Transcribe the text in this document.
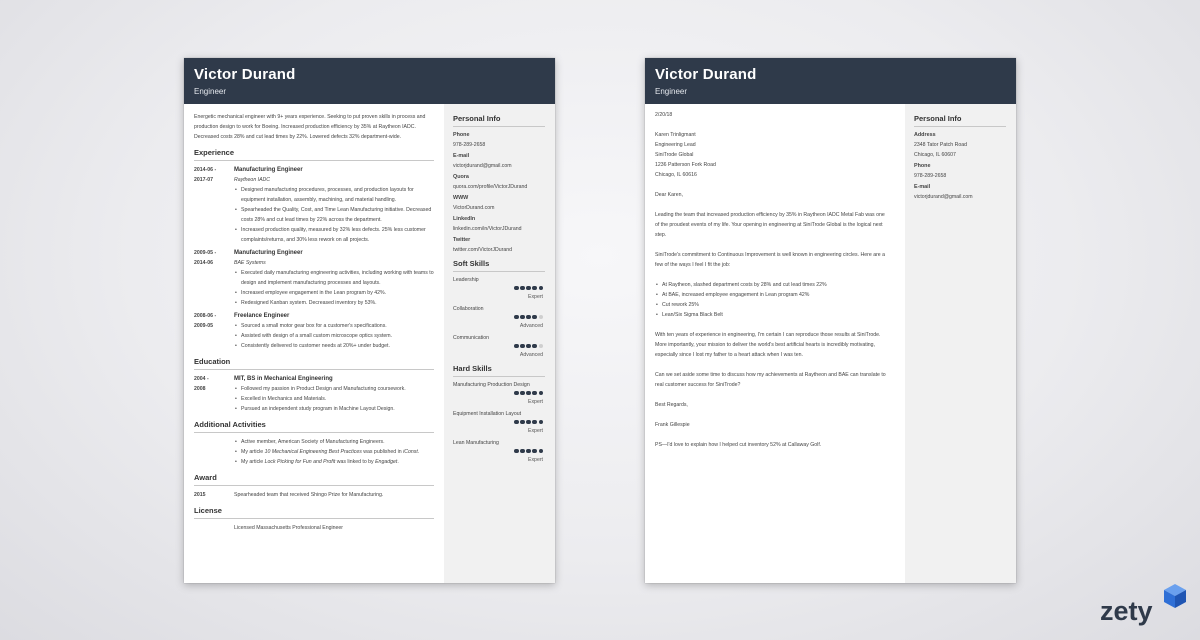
Victor Durand
Engineer
Personal Info
Phone
978-289-2658
E-mail
victorjdurand@gmail.com
Quora
quora.com/profile/VictorJDurand
WWW
VictorDurand.com
LinkedIn
linkedin.com/in/VictorJDurand
Twitter
twitter.com/VictorJDurand
Soft Skills
Leadership
Expert
Collaboration
Advanced
Communication
Advanced
Hard Skills
Manufacturing Production Design
Expert
Equipment Installation Layout
Expert
Lean Manufacturing
Expert
Energetic mechanical engineer with 9+ years experience. Seeking to put proven skills in process and production design to work for Boeing. Increased production efficiency by 35% at Raytheon IADC. Decreased costs 28% and cut lead times by 22%. Lowered defects 32% department-wide.
Experience
2014-06 -
2017-07
Manufacturing Engineer
Raytheon IADC
• Designed manufacturing procedures, processes, and production layouts for equipment installation, assembly, machining, and material handling.
• Spearheaded the Quality, Cost, and Time Lean Manufacturing initiative. Decreased costs 28% and cut lead times by 22% across the department.
• Increased production quality, measured by 32% less defects. 25% less customer complaints/returns, and 30% less rework on all projects.
2009-05 -
2014-06
Manufacturing Engineer
BAE Systems
• Executed daily manufacturing engineering activities, including working with teams to design and implement manufacturing processes and layouts.
• Increased employee engagement in the Lean program by 42%.
• Redesigned Kanban system. Decreased inventory by 53%.
2008-06 -
2009-05
Freelance Engineer
• Sourced a small motor gear box for a customer's specifications.
• Assisted with design of a small custom microscope optics system.
• Consistently delivered to customer needs at 20%+ under budget.
Education
2004 -
2008
MIT, BS in Mechanical Engineering
• Followed my passion in Product Design and Manufacturing coursework.
• Excelled in Mechanics and Materials.
• Pursued an independent study program in Machine Layout Design.
Additional Activities
• Active member, American Society of Manufacturing Engineers.
• My article 10 Mechanical Engineering Best Practices was published in iConst.
• My article Lock Picking for Fun and Profit was linked to by Engadget.
Award
2015	Spearheaded team that received Shingo Prize for Manufacturing.
License
Licensed Massachusetts Professional Engineer
Victor Durand
Engineer
Personal Info
Address
2348 Tator Patch Road
Chicago, IL 60607
Phone
978-289-2658
E-mail
victorjdurand@gmail.com

2/20/18

Karen Trinligmant
Engineering Lead
SiniTrode Global
1236 Patterson Fork Road
Chicago, IL 60616

Dear Karen,

Leading the team that increased production efficiency by 35% in Raytheon IADC Metal Fab was one of the proudest events of my life. Your opening in engineering at SiniTrode Global is the logical next step.

SiniTrode's commitment to Continuous Improvement is well known in engineering circles. Here are a few of the ways I feel I fit the job:

• At Raytheon, slashed department costs by 28% and cut lead times 22%
• At BAE, increased employee engagement in Lean program 42%
• Cut rework 25%
• Lean/Six Sigma Black Belt

With ten years of experience in engineering, I'm certain I can reproduce those results at SiniTrode. More importantly, your mission to deliver the world's best artificial hearts is incredibly motivating, especially since I lost my father to a heart attack when I was ten.

Can we set aside some time to discuss how my achievements at Raytheon and BAE can translate to real customer success for SiniTrode?

Best Regards,

Frank Gillespie

PS—I'd love to explain how I helped cut inventory 52% at Callaway Golf.

zety
